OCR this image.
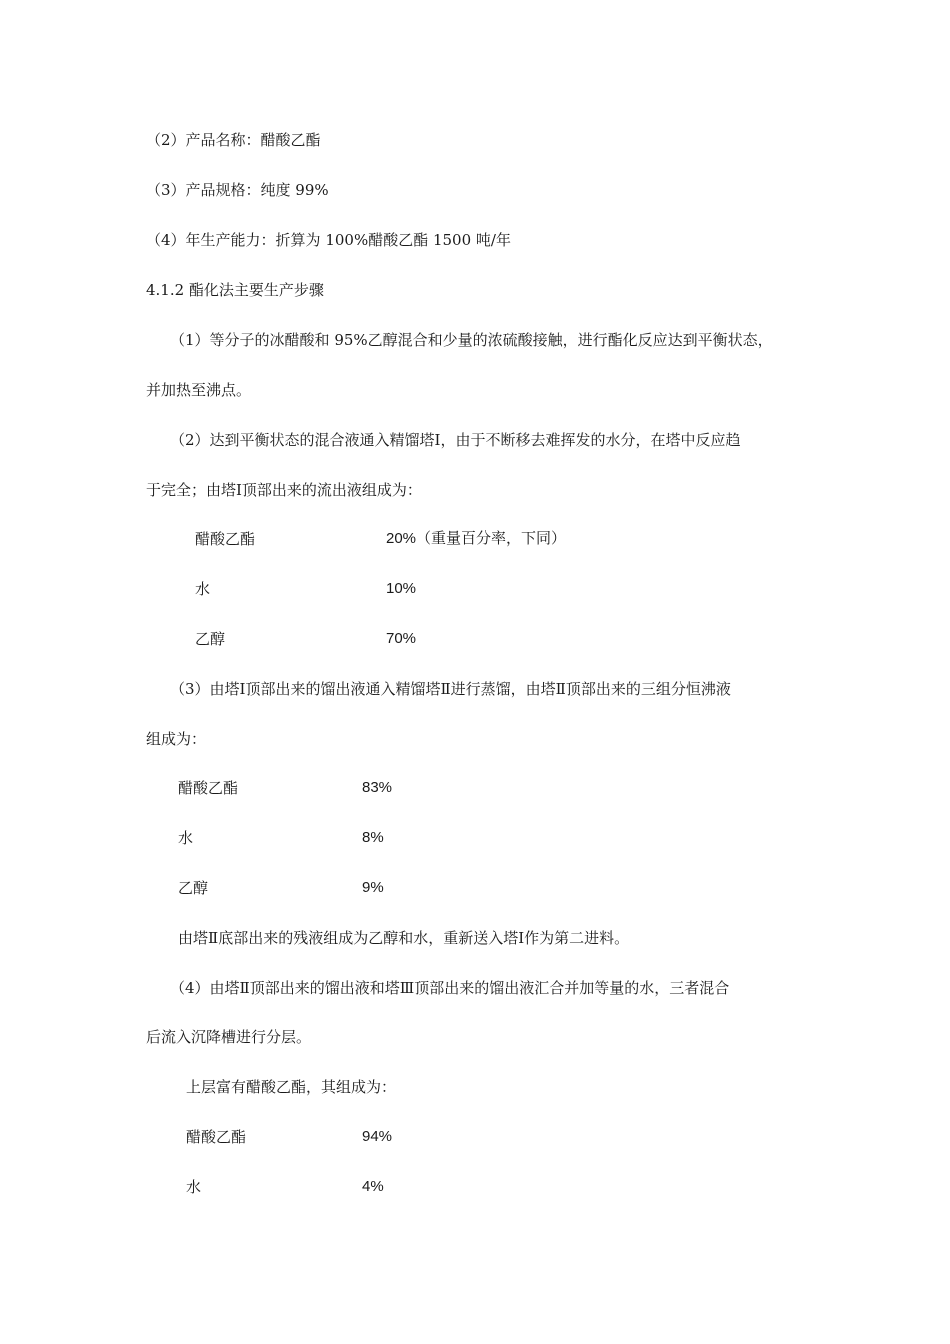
（2）产品名称：醋酸乙酯
（3）产品规格：纯度 99%
（4）年生产能力：折算为 100%醋酸乙酯 1500 吨/年
4.1.2 酯化法主要生产步骤
（1）等分子的冰醋酸和 95%乙醇混合和少量的浓硫酸接触，进行酯化反应达到平衡状态，
并加热至沸点。
（2）达到平衡状态的混合液通入精馏塔Ⅰ，由于不断移去难挥发的水分，在塔中反应趋
于完全；由塔Ⅰ顶部出来的流出液组成为：
醋酸乙酯	20%（重量百分率，下同）
水	10%
乙醇	70%
（3）由塔Ⅰ顶部出来的馏出液通入精馏塔Ⅱ进行蒸馏，由塔Ⅱ顶部出来的三组分恒沸液
组成为：
醋酸乙酯	83%
水	8%
乙醇	9%
由塔Ⅱ底部出来的残液组成为乙醇和水，重新送入塔Ⅰ作为第二进料。
（4）由塔Ⅱ顶部出来的馏出液和塔Ⅲ顶部出来的馏出液汇合并加等量的水，三者混合
后流入沉降槽进行分层。
上层富有醋酸乙酯，其组成为：
醋酸乙酯	94%
水	4%
